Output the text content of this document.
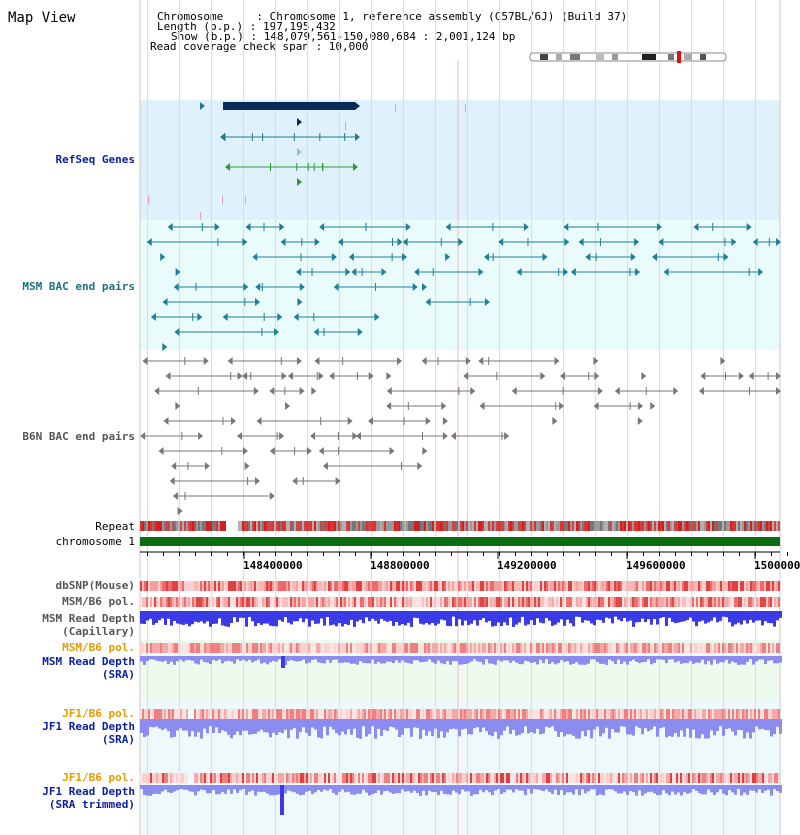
Map View	Chromosome     : Chromosome 1, reference assembly (C57BL/6J) (Build 37)
Length (b.p.) : 197,195,432
Show (b.p.) : 148,079,561-150,080,684 : 2,001,124 bp
Read coverage check span : 10,000
148400000	148800000	149200000	149600000	1500000
RefSeq Genes
MSM BAC end pairs
B6N BAC end pairs
Repeat
chromosome 1
dbSNP(Mouse)
MSM/B6 pol.
MSM Read Depth
(Capillary)
MSM/B6 pol.
MSM Read Depth
(SRA)
JF1/B6 pol.
JF1 Read Depth
(SRA)
JF1/B6 pol.
JF1 Read Depth
(SRA trimmed)
